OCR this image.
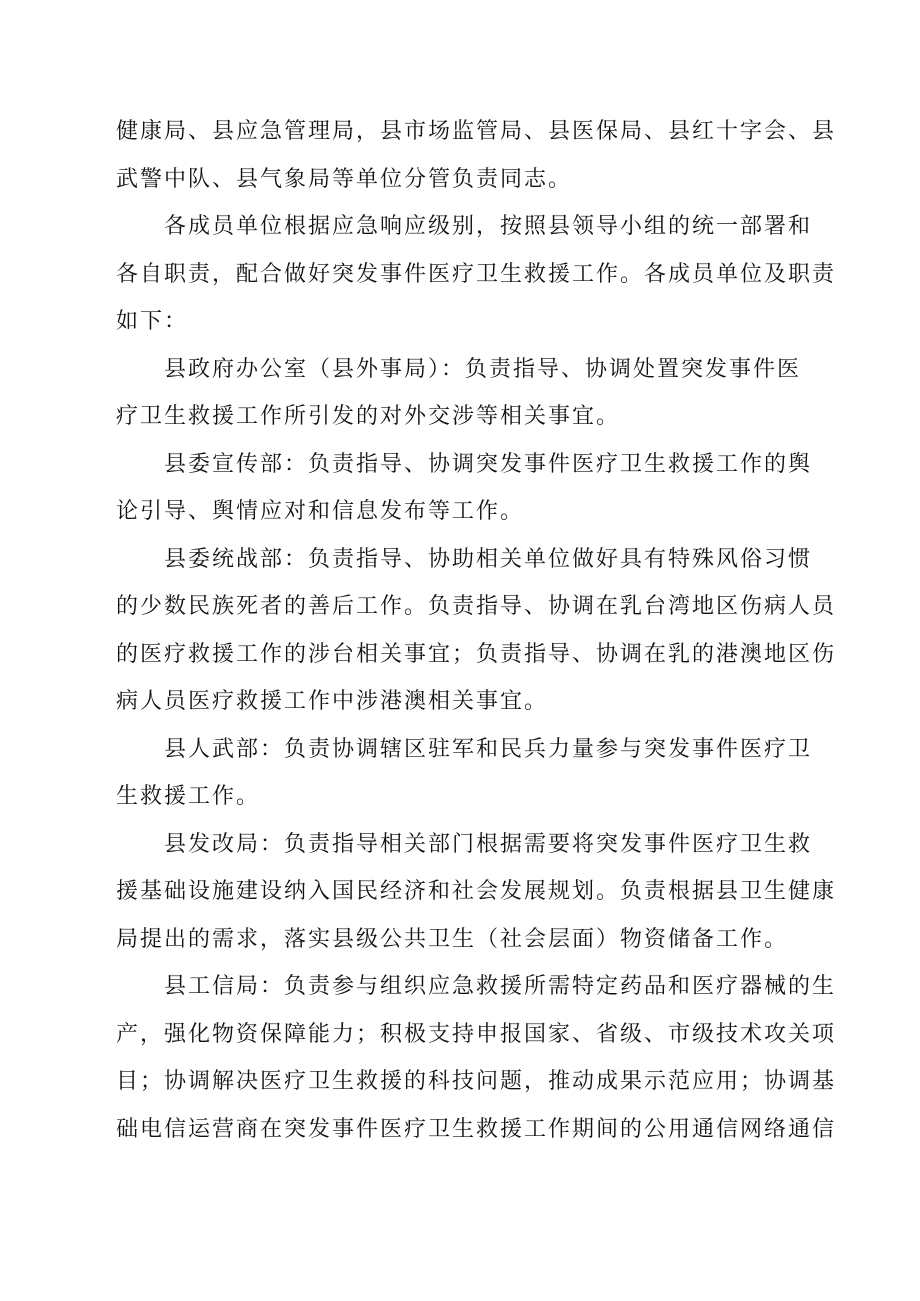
健康局、县应急管理局，县市场监管局、县医保局、县红十字会、县
武警中队、县气象局等单位分管负责同志。

各成员单位根据应急响应级别，按照县领导小组的统一部署和
各自职责，配合做好突发事件医疗卫生救援工作。各成员单位及职责
如下：

县政府办公室（县外事局）：负责指导、协调处置突发事件医
疗卫生救援工作所引发的对外交涉等相关事宜。

县委宣传部：负责指导、协调突发事件医疗卫生救援工作的舆
论引导、舆情应对和信息发布等工作。

县委统战部：负责指导、协助相关单位做好具有特殊风俗习惯
的少数民族死者的善后工作。负责指导、协调在乳台湾地区伤病人员
的医疗救援工作的涉台相关事宜；负责指导、协调在乳的港澳地区伤
病人员医疗救援工作中涉港澳相关事宜。

县人武部：负责协调辖区驻军和民兵力量参与突发事件医疗卫
生救援工作。

县发改局：负责指导相关部门根据需要将突发事件医疗卫生救
援基础设施建设纳入国民经济和社会发展规划。负责根据县卫生健康
局提出的需求，落实县级公共卫生（社会层面）物资储备工作。

县工信局：负责参与组织应急救援所需特定药品和医疗器械的生
产，强化物资保障能力；积极支持申报国家、省级、市级技术攻关项
目；协调解决医疗卫生救援的科技问题，推动成果示范应用；协调基
础电信运营商在突发事件医疗卫生救援工作期间的公用通信网络通信
